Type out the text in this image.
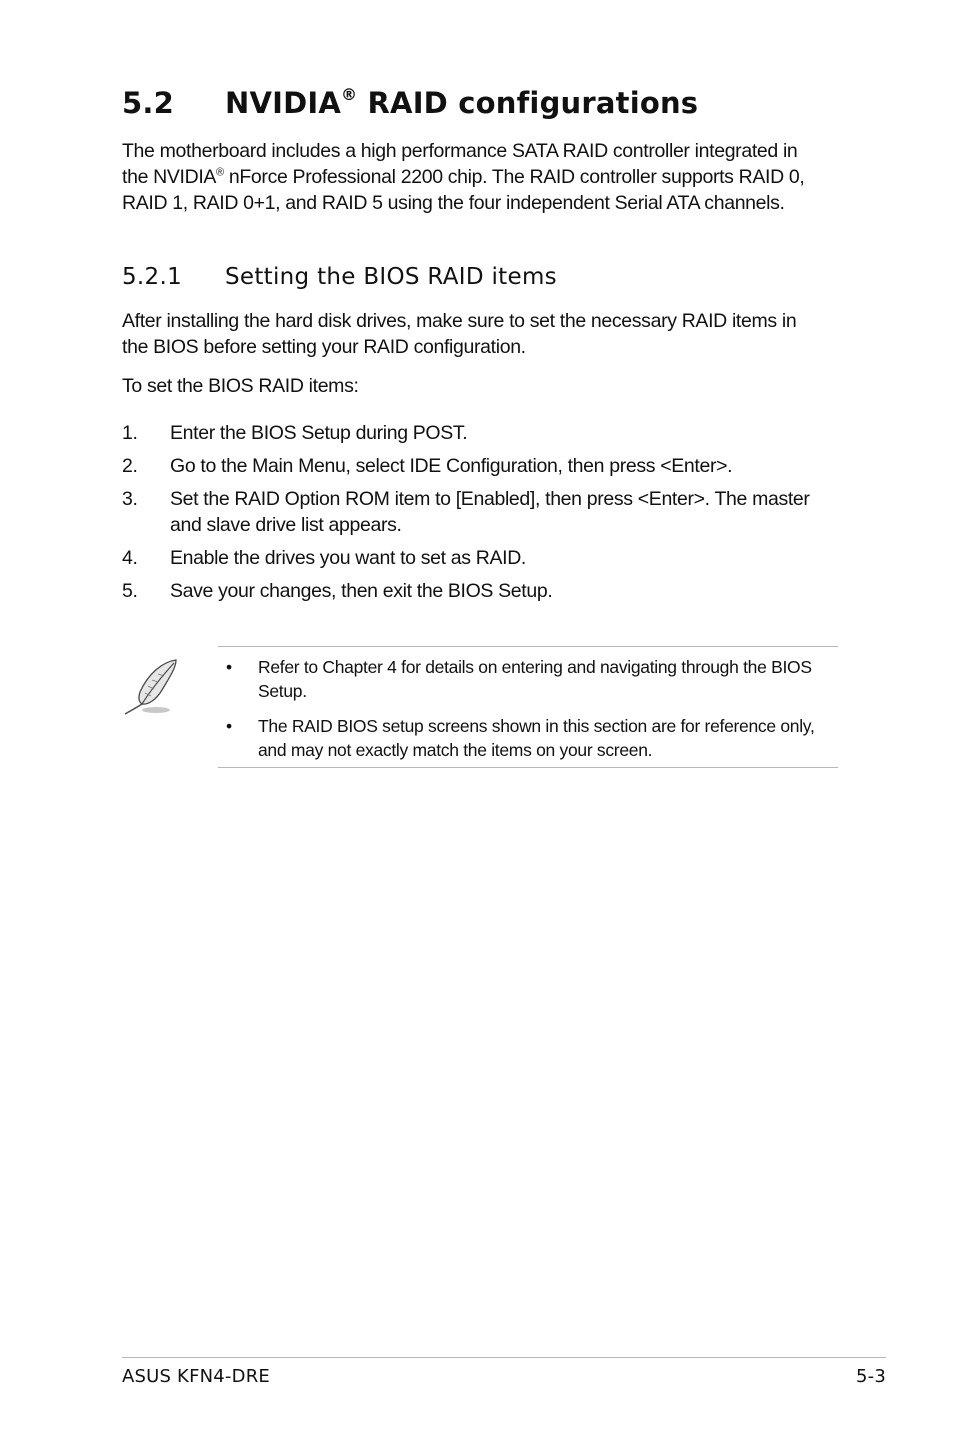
5.2 NVIDIA® RAID configurations

The motherboard includes a high performance SATA RAID controller integrated in the NVIDIA® nForce Professional 2200 chip. The RAID controller supports RAID 0, RAID 1, RAID 0+1, and RAID 5 using the four independent Serial ATA channels.

5.2.1 Setting the BIOS RAID items

After installing the hard disk drives, make sure to set the necessary RAID items in the BIOS before setting your RAID configuration.

To set the BIOS RAID items:

1. Enter the BIOS Setup during POST.
2. Go to the Main Menu, select IDE Configuration, then press <Enter>.
3. Set the RAID Option ROM item to [Enabled], then press <Enter>. The master and slave drive list appears.
4. Enable the drives you want to set as RAID.
5. Save your changes, then exit the BIOS Setup.
• Refer to Chapter 4 for details on entering and navigating through the BIOS Setup.
• The RAID BIOS setup screens shown in this section are for reference only, and may not exactly match the items on your screen.
ASUS KFN4-DRE	5-3
